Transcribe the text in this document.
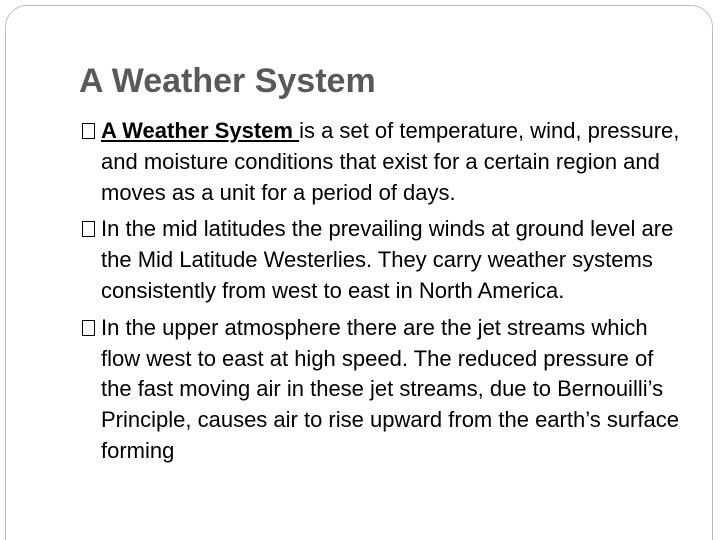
A Weather System
A Weather System is a set of temperature, wind, pressure, and moisture conditions that exist for a certain region and moves as a unit for a period of days.
In the mid latitudes the prevailing winds at ground level are the Mid Latitude Westerlies. They carry weather systems consistently from west to east in North America.
In the upper atmosphere there are the jet streams which flow west to east at high speed. The reduced pressure of the fast moving air in these jet streams, due to Bernouilli’s Principle, causes air to rise upward from the earth’s surface forming
